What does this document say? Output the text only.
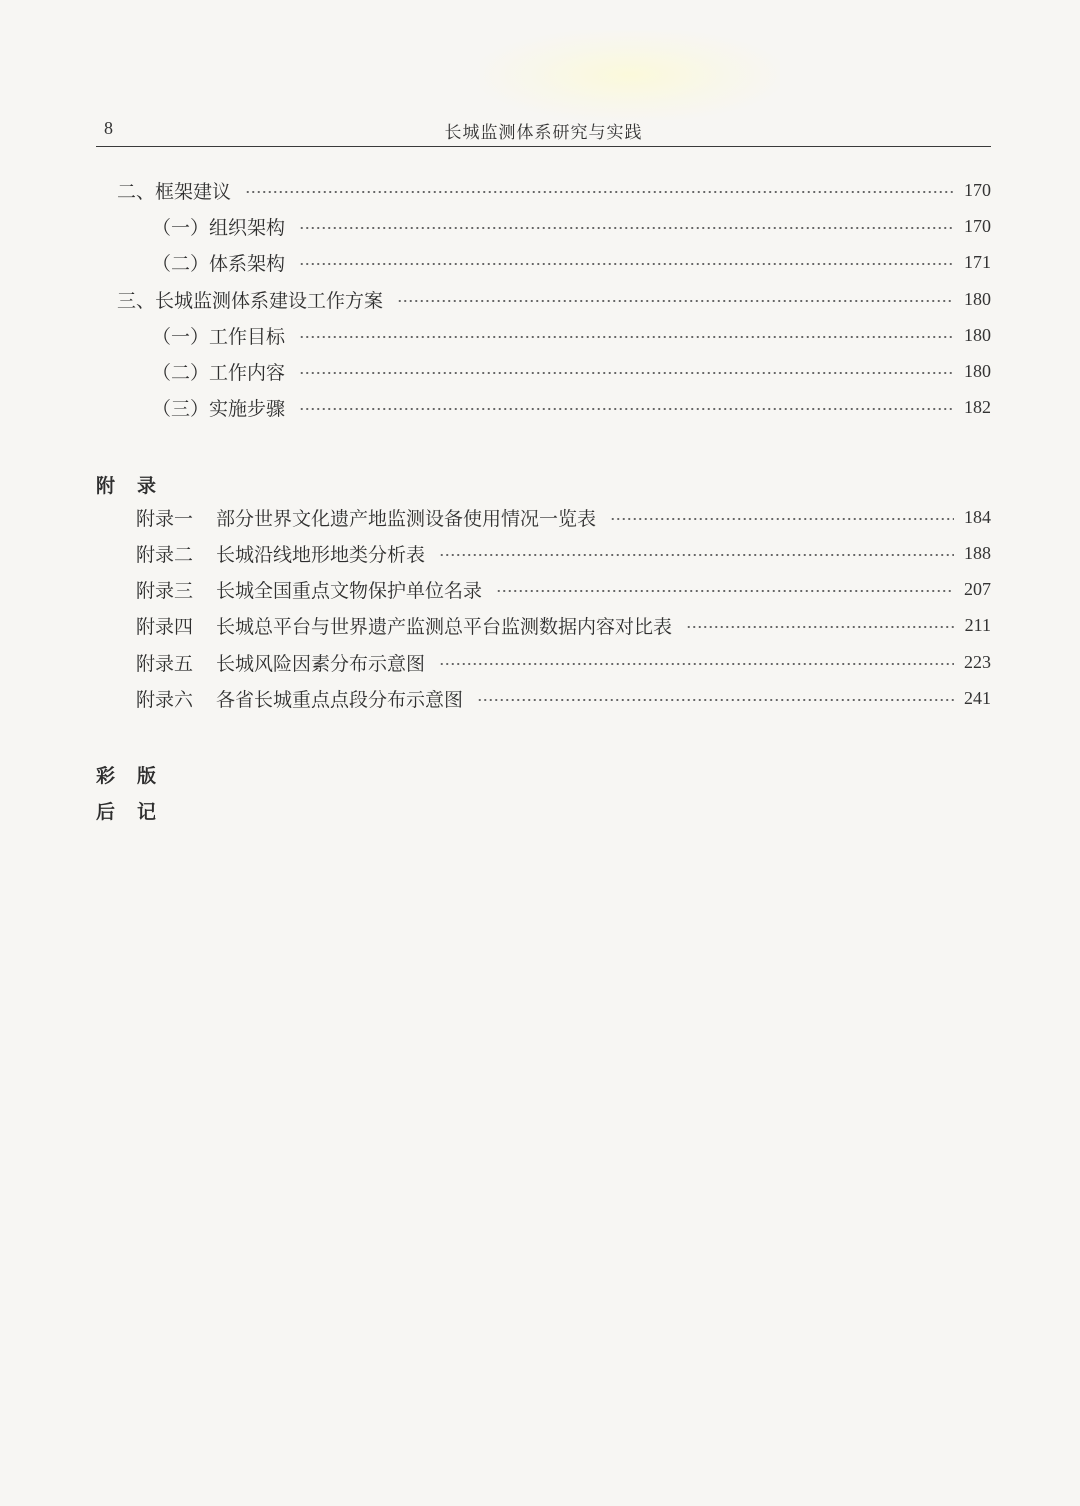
8	长城监测体系研究与实践
二、框架建议	170
（一）组织架构	170
（二）体系架构	171
三、长城监测体系建设工作方案	180
（一）工作目标	180
（二）工作内容	180
（三）实施步骤	182
附录
附录一	部分世界文化遗产地监测设备使用情况一览表	184
附录二	长城沿线地形地类分析表	188
附录三	长城全国重点文物保护单位名录	207
附录四	长城总平台与世界遗产监测总平台监测数据内容对比表	211
附录五	长城风险因素分布示意图	223
附录六	各省长城重点点段分布示意图	241
彩版
后记
